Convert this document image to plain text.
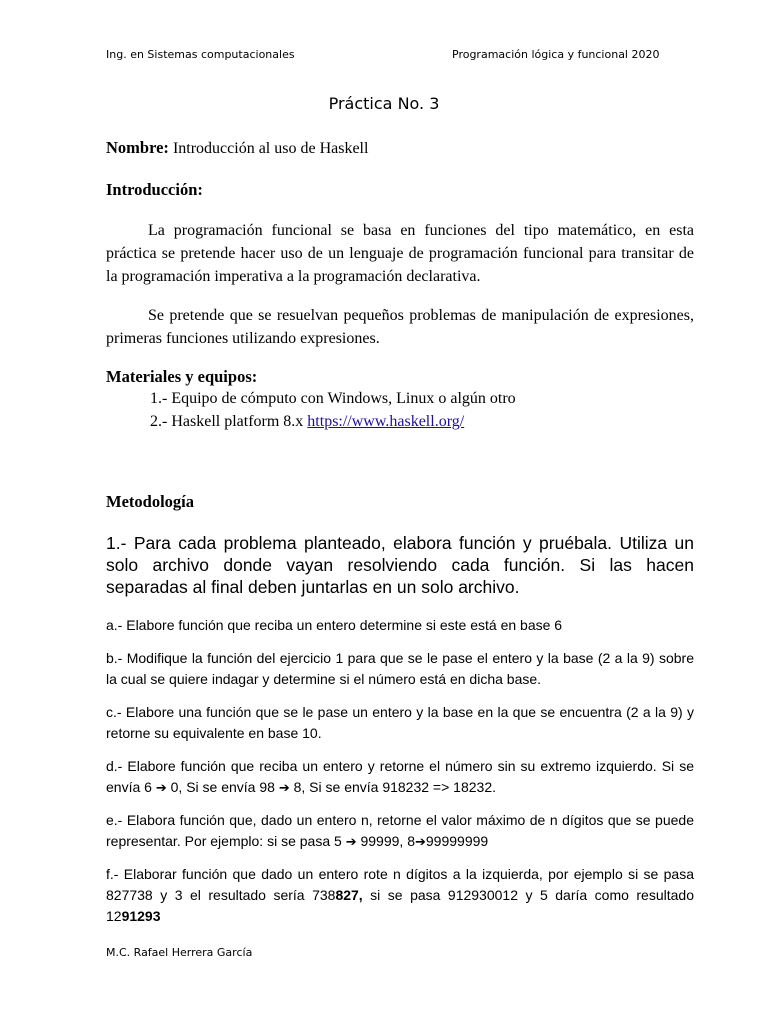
Ing. en Sistemas computacionales	Programación lógica y funcional 2020
Práctica No. 3
Nombre: Introducción al uso de Haskell
Introducción:

La programación funcional se basa en funciones del tipo matemático, en esta práctica se pretende hacer uso de un lenguaje de programación funcional para transitar de la programación imperativa a la programación declarativa.

Se pretende que se resuelvan pequeños problemas de manipulación de expresiones, primeras funciones utilizando expresiones.

Materiales y equipos:
1.- Equipo de cómputo con Windows, Linux o algún otro
2.- Haskell platform 8.x https://www.haskell.org/
Metodología

1.- Para cada problema planteado, elabora función y pruébala. Utiliza un solo archivo donde vayan resolviendo cada función. Si las hacen separadas al final deben juntarlas en un solo archivo.

a.- Elabore función que reciba un entero determine si este está en base 6

b.- Modifique la función del ejercicio 1 para que se le pase el entero y la base (2 a la 9) sobre la cual se quiere indagar y determine si el número está en dicha base.

c.- Elabore una función que se le pase un entero y la base en la que se encuentra (2 a la 9) y retorne su equivalente en base 10.

d.- Elabore función que reciba un entero y retorne el número sin su extremo izquierdo. Si se envía 6 ➔ 0, Si se envía 98 ➔ 8, Si se envía 918232 => 18232.

e.- Elabora función que, dado un entero n, retorne el valor máximo de n dígitos que se puede representar. Por ejemplo: si se pasa 5 ➔ 99999, 8➔99999999

f.- Elaborar función que dado un entero rote n dígitos a la izquierda, por ejemplo si se pasa 827738 y 3 el resultado sería 738827, si se pasa 912930012 y 5 daría como resultado 1291293

M.C. Rafael Herrera García
